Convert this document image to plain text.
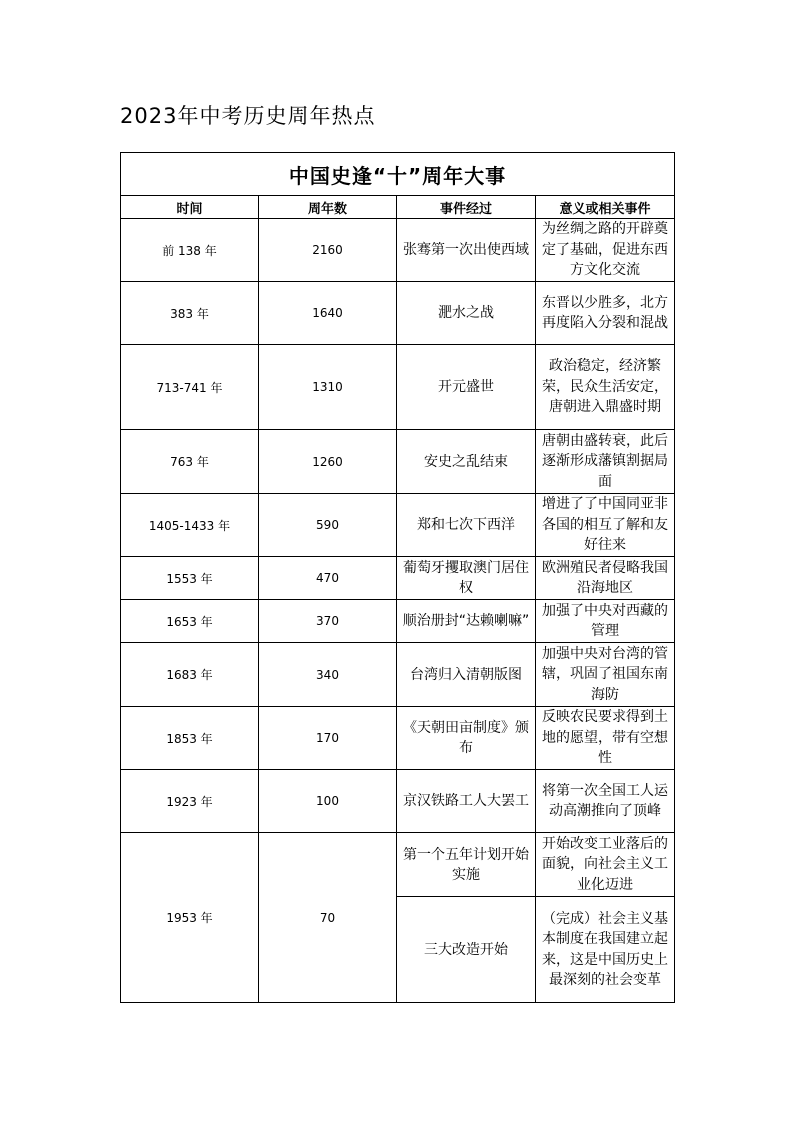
2023年中考历史周年热点
中国史逢“十”周年大事			
时间	周年数	事件经过	意义或相关事件
前 138 年	2160	张骞第一次出使西域	为丝绸之路的开辟奠定了基础，促进东西方文化交流
383 年	1640	淝水之战	东晋以少胜多，北方再度陷入分裂和混战
713-741 年	1310	开元盛世	政治稳定，经济繁荣，民众生活安定，唐朝进入鼎盛时期
763 年	1260	安史之乱结束	唐朝由盛转衰，此后逐渐形成藩镇割据局面
1405-1433 年	590	郑和七次下西洋	增进了了中国同亚非各国的相互了解和友好往来
1553 年	470	葡萄牙攫取澳门居住权	欧洲殖民者侵略我国沿海地区
1653 年	370	顺治册封“达赖喇嘛”	加强了中央对西藏的管理
1683 年	340	台湾归入清朝版图	加强中央对台湾的管辖，巩固了祖国东南海防
1853 年	170	《天朝田亩制度》颁布	反映农民要求得到土地的愿望，带有空想性
1923 年	100	京汉铁路工人大罢工	将第一次全国工人运动高潮推向了顶峰
1953 年	70	第一个五年计划开始实施	开始改变工业落后的面貌，向社会主义工业化迈进
		三大改造开始	（完成）社会主义基本制度在我国建立起来，这是中国历史上最深刻的社会变革
